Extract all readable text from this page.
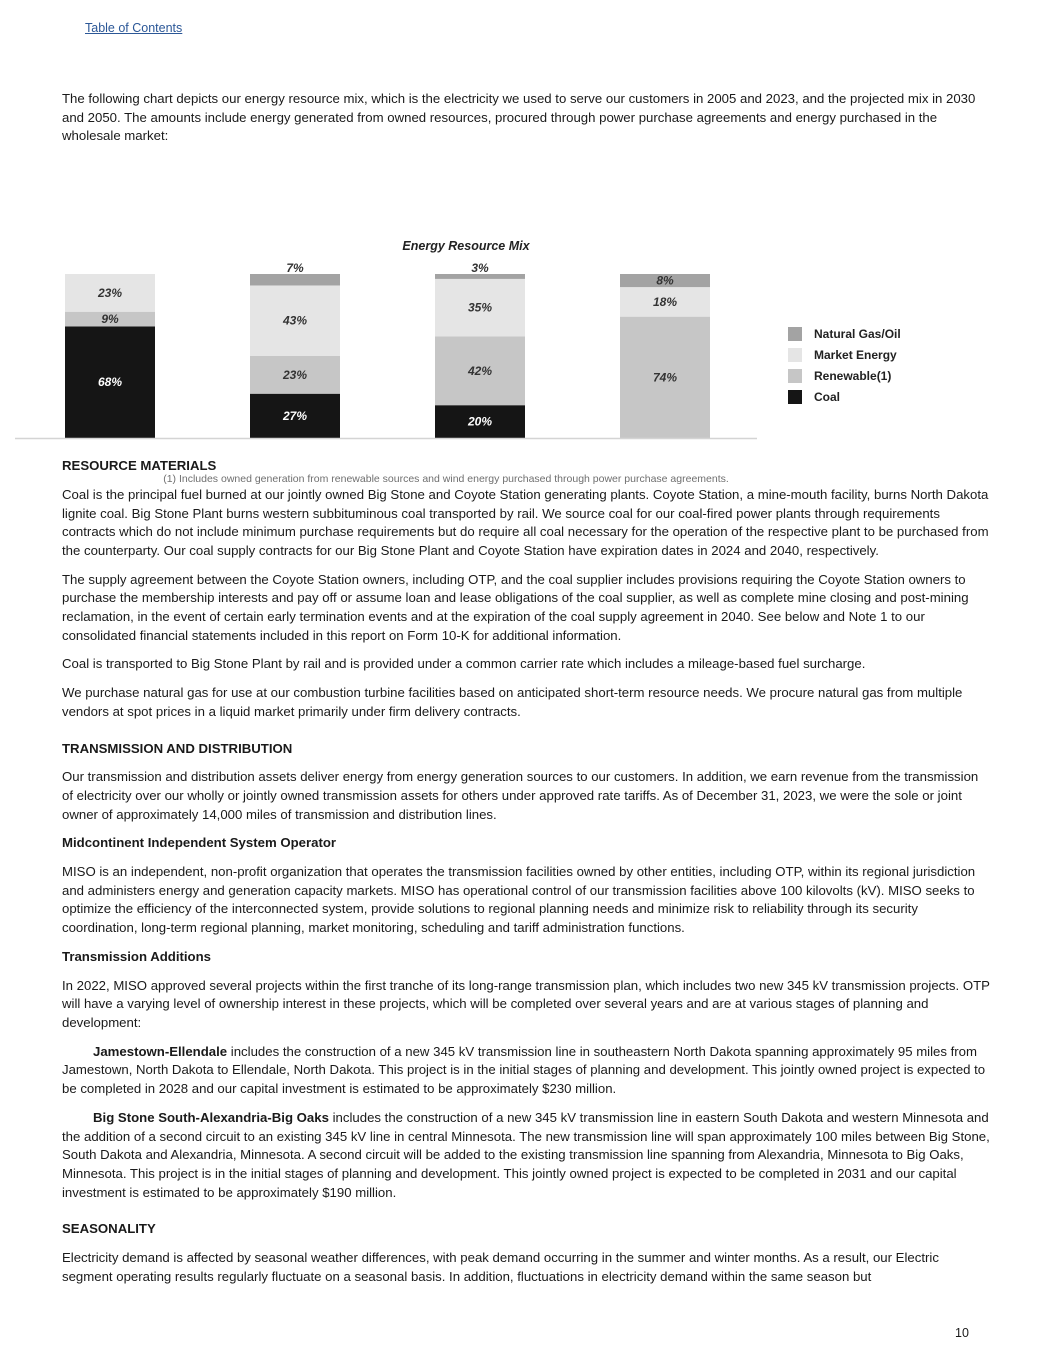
Table of Contents

The following chart depicts our energy resource mix, which is the electricity we used to serve our customers in 2005 and 2023, and the projected mix in 2030 and 2050. The amounts include energy generated from owned resources, procured through power purchase agreements and energy purchased in the wholesale market:

Energy Resource Mix
68%
9%
23%
27%
23%
43%
7%
20%
42%
35%
3%
74%
18%
8%
Natural Gas/Oil
Market Energy
Renewable(1)
Coal
(1) Includes owned generation from renewable sources and wind energy purchased through power purchase agreements.

RESOURCE MATERIALS

Coal is the principal fuel burned at our jointly owned Big Stone and Coyote Station generating plants. Coyote Station, a mine-mouth facility, burns North Dakota lignite coal. Big Stone Plant burns western subbituminous coal transported by rail. We source coal for our coal-fired power plants through requirements contracts which do not include minimum purchase requirements but do require all coal necessary for the operation of the respective plant to be purchased from the counterparty. Our coal supply contracts for our Big Stone Plant and Coyote Station have expiration dates in 2024 and 2040, respectively.

The supply agreement between the Coyote Station owners, including OTP, and the coal supplier includes provisions requiring the Coyote Station owners to purchase the membership interests and pay off or assume loan and lease obligations of the coal supplier, as well as complete mine closing and post-mining reclamation, in the event of certain early termination events and at the expiration of the coal supply agreement in 2040. See below and Note 1 to our consolidated financial statements included in this report on Form 10-K for additional information.

Coal is transported to Big Stone Plant by rail and is provided under a common carrier rate which includes a mileage-based fuel surcharge.

We purchase natural gas for use at our combustion turbine facilities based on anticipated short-term resource needs. We procure natural gas from multiple vendors at spot prices in a liquid market primarily under firm delivery contracts.

TRANSMISSION AND DISTRIBUTION

Our transmission and distribution assets deliver energy from energy generation sources to our customers. In addition, we earn revenue from the transmission of electricity over our wholly or jointly owned transmission assets for others under approved rate tariffs. As of December 31, 2023, we were the sole or joint owner of approximately 14,000 miles of transmission and distribution lines.

Midcontinent Independent System Operator

MISO is an independent, non-profit organization that operates the transmission facilities owned by other entities, including OTP, within its regional jurisdiction and administers energy and generation capacity markets. MISO has operational control of our transmission facilities above 100 kilovolts (kV). MISO seeks to optimize the efficiency of the interconnected system, provide solutions to regional planning needs and minimize risk to reliability through its security coordination, long-term regional planning, market monitoring, scheduling and tariff administration functions.

Transmission Additions

In 2022, MISO approved several projects within the first tranche of its long-range transmission plan, which includes two new 345 kV transmission projects. OTP will have a varying level of ownership interest in these projects, which will be completed over several years and are at various stages of planning and development:

Jamestown-Ellendale includes the construction of a new 345 kV transmission line in southeastern North Dakota spanning approximately 95 miles from Jamestown, North Dakota to Ellendale, North Dakota. This project is in the initial stages of planning and development. This jointly owned project is expected to be completed in 2028 and our capital investment is estimated to be approximately $230 million.

Big Stone South-Alexandria-Big Oaks includes the construction of a new 345 kV transmission line in eastern South Dakota and western Minnesota and the addition of a second circuit to an existing 345 kV line in central Minnesota. The new transmission line will span approximately 100 miles between Big Stone, South Dakota and Alexandria, Minnesota. A second circuit will be added to the existing transmission line spanning from Alexandria, Minnesota to Big Oaks, Minnesota. This project is in the initial stages of planning and development. This jointly owned project is expected to be completed in 2031 and our capital investment is estimated to be approximately $190 million.

SEASONALITY

Electricity demand is affected by seasonal weather differences, with peak demand occurring in the summer and winter months. As a result, our Electric segment operating results regularly fluctuate on a seasonal basis. In addition, fluctuations in electricity demand within the same season but

10
